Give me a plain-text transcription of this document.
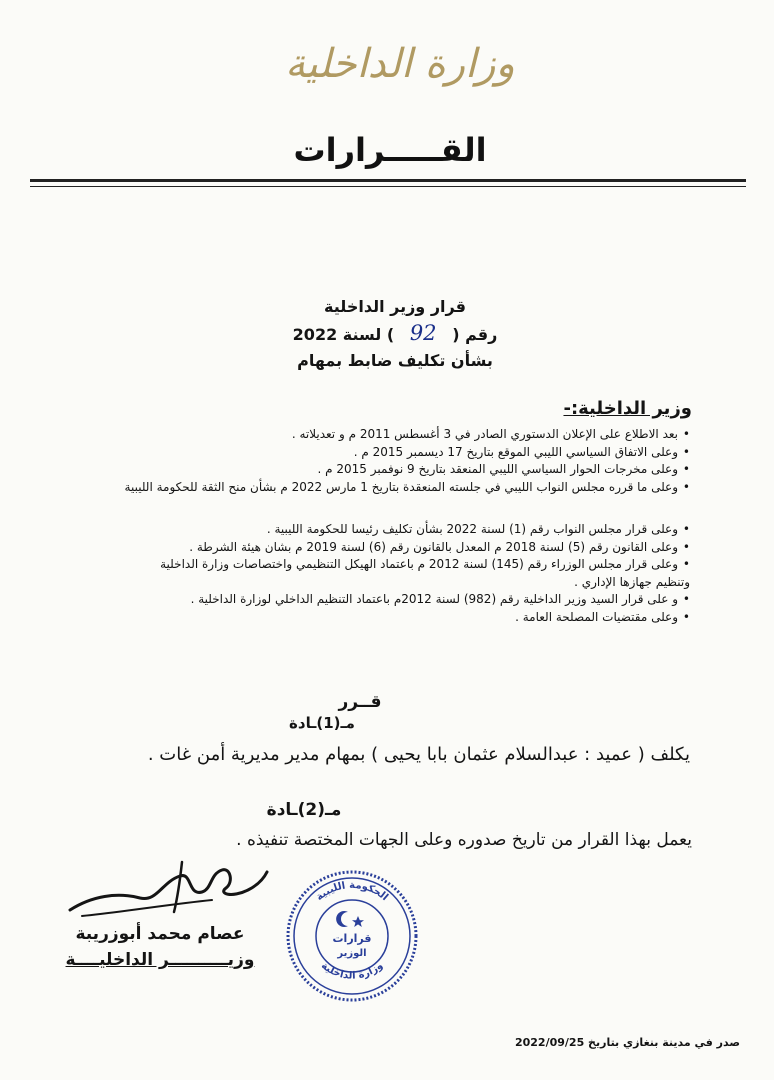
وزارة الداخلية
القـــــرارات
قرار وزير الداخلية
رقم (92) لسنة 2022
بشأن تكليف ضابط بمهام
وزير الداخلية:-
• بعد الاطلاع على الإعلان الدستوري الصادر في 3 أغسطس 2011 م و تعديلاته .
• وعلى الاتفاق السياسي الليبي الموقع بتاريخ 17 ديسمبر 2015 م .
• وعلى مخرجات الحوار السياسي الليبي المنعقد بتاريخ 9 نوفمبر 2015 م .
• وعلى ما قرره مجلس النواب الليبي في جلسته المنعقدة بتاريخ 1 مارس 2022 م بشأن منح الثقة للحكومة الليبية
• وعلى قرار مجلس النواب رقم (1) لسنة 2022 بشأن تكليف رئيسا للحكومة الليبية .
• وعلى القانون رقم (5) لسنة 2018 م المعدل بالقانون رقم (6) لسنة 2019 م بشان هيئة الشرطة .
• وعلى قرار مجلس الوزراء رقم (145) لسنة 2012 م باعتماد الهيكل التنظيمي واختصاصات وزارة الداخلية
وتنظيم جهازها الإداري .
• و على قرار السيد وزير الداخلية رقم (982) لسنة 2012م باعتماد التنظيم الداخلي لوزارة الداخلية .
• وعلى مقتضيات المصلحة العامة .
قــرر
مـ(1)ـادة
يكلف ( عميد : عبدالسلام عثمان بابا يحيى ) بمهام مدير مديرية أمن غات .
مـ(2)ـادة
يعمل بهذا القرار من تاريخ صدوره وعلى الجهات المختصة تنفيذه .
عصام محمد أبوزريبة
وزيــــــــــر الداخليــــة
الحكومة الليبية
وزارة الداخلية
قرارات
الوزير
صدر في مدينة بنغازي بتاريخ 2022/09/25
